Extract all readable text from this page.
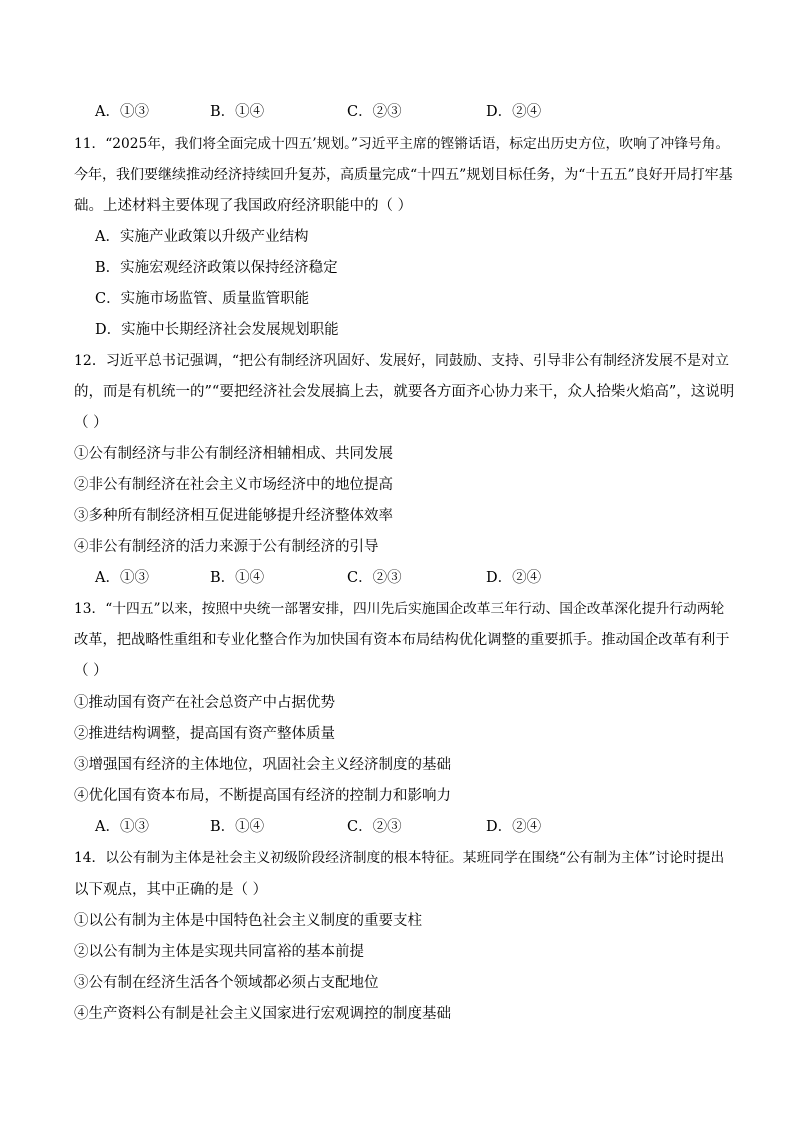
A．①③	B．①④	C．②③	D．②④
11．“2025年，我们将全面完成十四五’规划。”习近平主席的铿锵话语，标定出历史方位，吹响了冲锋号角。
今年，我们要继续推动经济持续回升复苏，高质量完成“十四五”规划目标任务，为“十五五”良好开局打牢基
础。上述材料主要体现了我国政府经济职能中的（ ）
A．实施产业政策以升级产业结构
B．实施宏观经济政策以保持经济稳定
C．实施市场监管、质量监管职能
D．实施中长期经济社会发展规划职能
12．习近平总书记强调，“把公有制经济巩固好、发展好，同鼓励、支持、引导非公有制经济发展不是对立
的，而是有机统一的”“要把经济社会发展搞上去，就要各方面齐心协力来干，众人拾柴火焰高”，这说明
（ ）
①公有制经济与非公有制经济相辅相成、共同发展
②非公有制经济在社会主义市场经济中的地位提高
③多种所有制经济相互促进能够提升经济整体效率
④非公有制经济的活力来源于公有制经济的引导
A．①③	B．①④	C．②③	D．②④
13．“十四五”以来，按照中央统一部署安排，四川先后实施国企改革三年行动、国企改革深化提升行动两轮
改革，把战略性重组和专业化整合作为加快国有资本布局结构优化调整的重要抓手。推动国企改革有利于
（ ）
①推动国有资产在社会总资产中占据优势
②推进结构调整，提高国有资产整体质量
③增强国有经济的主体地位，巩固社会主义经济制度的基础
④优化国有资本布局，不断提高国有经济的控制力和影响力
A．①③	B．①④	C．②③	D．②④
14．以公有制为主体是社会主义初级阶段经济制度的根本特征。某班同学在围绕“公有制为主体”讨论时提出
以下观点，其中正确的是（ ）
①以公有制为主体是中国特色社会主义制度的重要支柱
②以公有制为主体是实现共同富裕的基本前提
③公有制在经济生活各个领域都必须占支配地位
④生产资料公有制是社会主义国家进行宏观调控的制度基础
